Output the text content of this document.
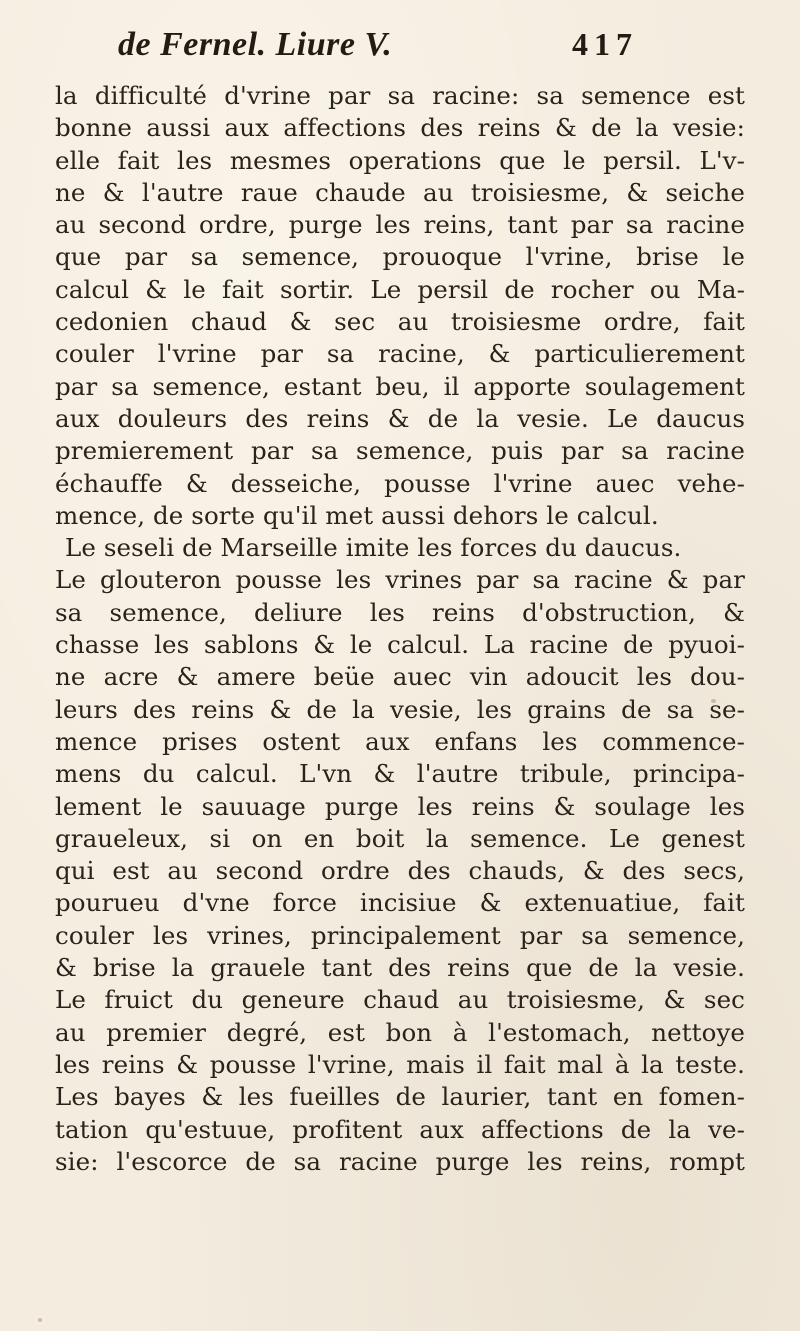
de Fernel. Liure V.	417
la difficulté d'vrine par sa racine: sa semence est
bonne aussi aux affections des reins & de la vesie:
elle fait les mesmes operations que le persil. L'v-
ne & l'autre raue chaude au troisiesme, & seiche
au second ordre, purge les reins, tant par sa racine
que par sa semence, prouoque l'vrine, brise le
calcul & le fait sortir. Le persil de rocher ou Ma-
cedonien chaud & sec au troisiesme ordre, fait
couler l'vrine par sa racine, & particulierement
par sa semence, estant beu, il apporte soulagement
aux douleurs des reins & de la vesie. Le daucus
premierement par sa semence, puis par sa racine
échauffe & desseiche, pousse l'vrine auec vehe-
mence, de sorte qu'il met aussi dehors le calcul.
Le seseli de Marseille imite les forces du daucus.
Le glouteron pousse les vrines par sa racine & par
sa semence, deliure les reins d'obstruction, &
chasse les sablons & le calcul. La racine de pyuoi-
ne acre & amere beüe auec vin adoucit les dou-
leurs des reins & de la vesie, les grains de sa se-
mence prises ostent aux enfans les commence-
mens du calcul. L'vn & l'autre tribule, principa-
lement le sauuage purge les reins & soulage les
graueleux, si on en boit la semence. Le genest
qui est au second ordre des chauds, & des secs,
pourueu d'vne force incisiue & extenuatiue, fait
couler les vrines, principalement par sa semence,
& brise la grauele tant des reins que de la vesie.
Le fruict du geneure chaud au troisiesme, & sec
au premier degré, est bon à l'estomach, nettoye
les reins & pousse l'vrine, mais il fait mal à la teste.
Les bayes & les fueilles de laurier, tant en fomen-
tation qu'estuue, profitent aux affections de la ve-
sie: l'escorce de sa racine purge les reins, rompt
